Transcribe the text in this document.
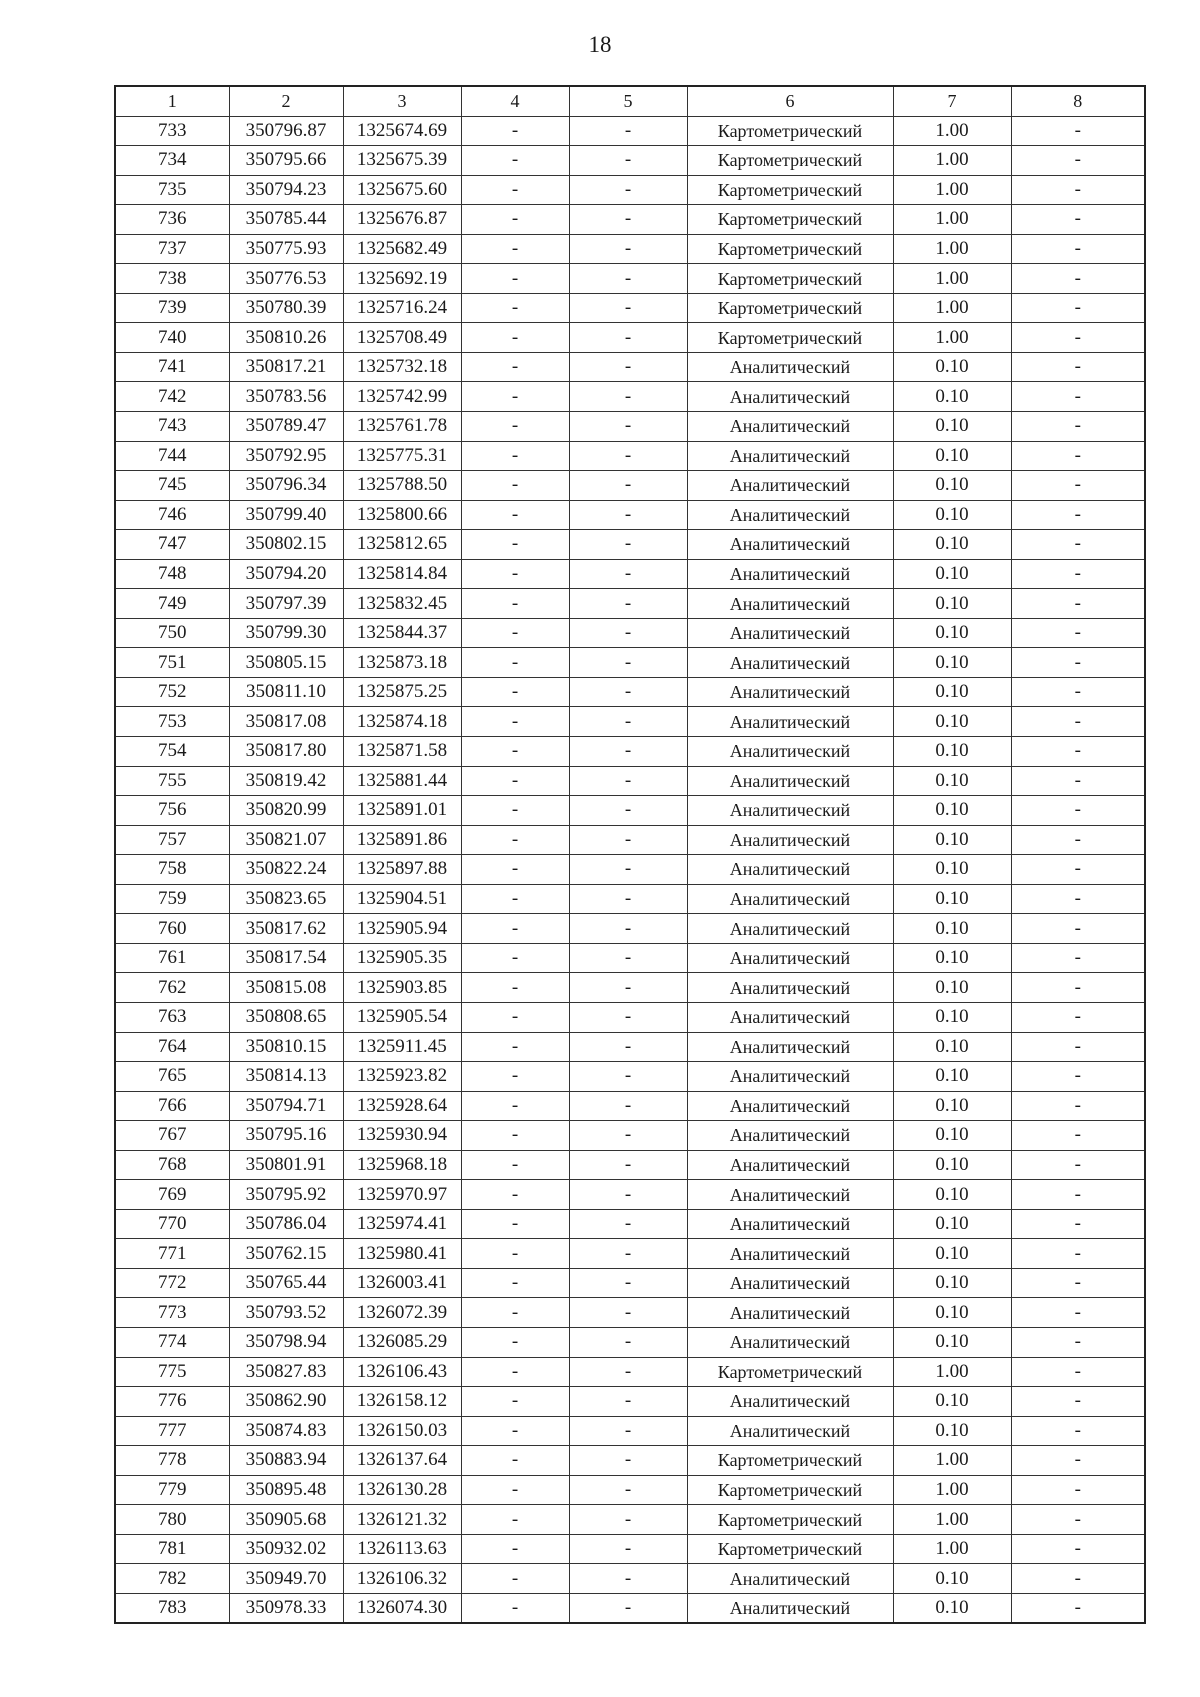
18
1	2	3	4	5	6	7	8
733	350796.87	1325674.69	-	-	Картометрический	1.00	-
734	350795.66	1325675.39	-	-	Картометрический	1.00	-
735	350794.23	1325675.60	-	-	Картометрический	1.00	-
736	350785.44	1325676.87	-	-	Картометрический	1.00	-
737	350775.93	1325682.49	-	-	Картометрический	1.00	-
738	350776.53	1325692.19	-	-	Картометрический	1.00	-
739	350780.39	1325716.24	-	-	Картометрический	1.00	-
740	350810.26	1325708.49	-	-	Картометрический	1.00	-
741	350817.21	1325732.18	-	-	Аналитический	0.10	-
742	350783.56	1325742.99	-	-	Аналитический	0.10	-
743	350789.47	1325761.78	-	-	Аналитический	0.10	-
744	350792.95	1325775.31	-	-	Аналитический	0.10	-
745	350796.34	1325788.50	-	-	Аналитический	0.10	-
746	350799.40	1325800.66	-	-	Аналитический	0.10	-
747	350802.15	1325812.65	-	-	Аналитический	0.10	-
748	350794.20	1325814.84	-	-	Аналитический	0.10	-
749	350797.39	1325832.45	-	-	Аналитический	0.10	-
750	350799.30	1325844.37	-	-	Аналитический	0.10	-
751	350805.15	1325873.18	-	-	Аналитический	0.10	-
752	350811.10	1325875.25	-	-	Аналитический	0.10	-
753	350817.08	1325874.18	-	-	Аналитический	0.10	-
754	350817.80	1325871.58	-	-	Аналитический	0.10	-
755	350819.42	1325881.44	-	-	Аналитический	0.10	-
756	350820.99	1325891.01	-	-	Аналитический	0.10	-
757	350821.07	1325891.86	-	-	Аналитический	0.10	-
758	350822.24	1325897.88	-	-	Аналитический	0.10	-
759	350823.65	1325904.51	-	-	Аналитический	0.10	-
760	350817.62	1325905.94	-	-	Аналитический	0.10	-
761	350817.54	1325905.35	-	-	Аналитический	0.10	-
762	350815.08	1325903.85	-	-	Аналитический	0.10	-
763	350808.65	1325905.54	-	-	Аналитический	0.10	-
764	350810.15	1325911.45	-	-	Аналитический	0.10	-
765	350814.13	1325923.82	-	-	Аналитический	0.10	-
766	350794.71	1325928.64	-	-	Аналитический	0.10	-
767	350795.16	1325930.94	-	-	Аналитический	0.10	-
768	350801.91	1325968.18	-	-	Аналитический	0.10	-
769	350795.92	1325970.97	-	-	Аналитический	0.10	-
770	350786.04	1325974.41	-	-	Аналитический	0.10	-
771	350762.15	1325980.41	-	-	Аналитический	0.10	-
772	350765.44	1326003.41	-	-	Аналитический	0.10	-
773	350793.52	1326072.39	-	-	Аналитический	0.10	-
774	350798.94	1326085.29	-	-	Аналитический	0.10	-
775	350827.83	1326106.43	-	-	Картометрический	1.00	-
776	350862.90	1326158.12	-	-	Аналитический	0.10	-
777	350874.83	1326150.03	-	-	Аналитический	0.10	-
778	350883.94	1326137.64	-	-	Картометрический	1.00	-
779	350895.48	1326130.28	-	-	Картометрический	1.00	-
780	350905.68	1326121.32	-	-	Картометрический	1.00	-
781	350932.02	1326113.63	-	-	Картометрический	1.00	-
782	350949.70	1326106.32	-	-	Аналитический	0.10	-
783	350978.33	1326074.30	-	-	Аналитический	0.10	-
